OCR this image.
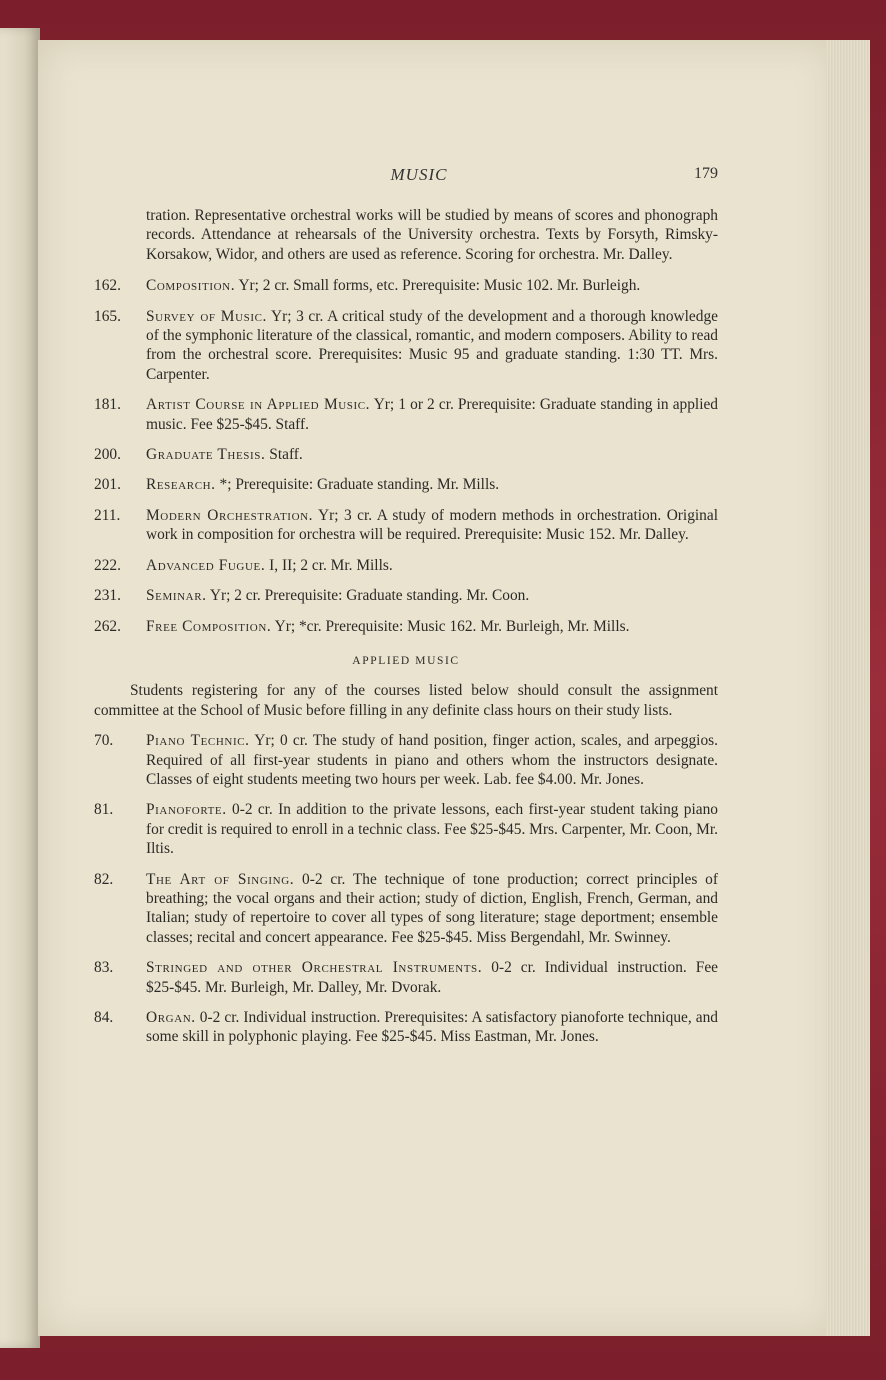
MUSIC	179
tration. Representative orchestral works will be studied by means of scores and phonograph records. Attendance at rehearsals of the University orchestra. Texts by Forsyth, Rimsky-Korsakow, Widor, and others are used as reference. Scoring for orchestra. Mr. Dalley.
162.	Composition. Yr; 2 cr. Small forms, etc. Prerequisite: Music 102. Mr. Burleigh.
165.	Survey of Music. Yr; 3 cr. A critical study of the development and a thorough knowledge of the symphonic literature of the classical, romantic, and modern composers. Ability to read from the orchestral score. Prerequisites: Music 95 and graduate standing. 1:30 TT. Mrs. Carpenter.
181.	Artist Course in Applied Music. Yr; 1 or 2 cr. Prerequisite: Graduate standing in applied music. Fee $25-$45. Staff.
200.	Graduate Thesis. Staff.
201.	Research. *; Prerequisite: Graduate standing. Mr. Mills.
211.	Modern Orchestration. Yr; 3 cr. A study of modern methods in orchestration. Original work in composition for orchestra will be required. Prerequisite: Music 152. Mr. Dalley.
222.	Advanced Fugue. I, II; 2 cr. Mr. Mills.
231.	Seminar. Yr; 2 cr. Prerequisite: Graduate standing. Mr. Coon.
262.	Free Composition. Yr; *cr. Prerequisite: Music 162. Mr. Burleigh, Mr. Mills.
APPLIED MUSIC
Students registering for any of the courses listed below should consult the assignment committee at the School of Music before filling in any definite class hours on their study lists.
70.	Piano Technic. Yr; 0 cr. The study of hand position, finger action, scales, and arpeggios. Required of all first-year students in piano and others whom the instructors designate. Classes of eight students meeting two hours per week. Lab. fee $4.00. Mr. Jones.
81.	Pianoforte. 0-2 cr. In addition to the private lessons, each first-year student taking piano for credit is required to enroll in a technic class. Fee $25-$45. Mrs. Carpenter, Mr. Coon, Mr. Iltis.
82.	The Art of Singing. 0-2 cr. The technique of tone production; correct principles of breathing; the vocal organs and their action; study of diction, English, French, German, and Italian; study of repertoire to cover all types of song literature; stage deportment; ensemble classes; recital and concert appearance. Fee $25-$45. Miss Bergendahl, Mr. Swinney.
83.	Stringed and other Orchestral Instruments. 0-2 cr. Individual instruction. Fee $25-$45. Mr. Burleigh, Mr. Dalley, Mr. Dvorak.
84.	Organ. 0-2 cr. Individual instruction. Prerequisites: A satisfactory pianoforte technique, and some skill in polyphonic playing. Fee $25-$45. Miss Eastman, Mr. Jones.
